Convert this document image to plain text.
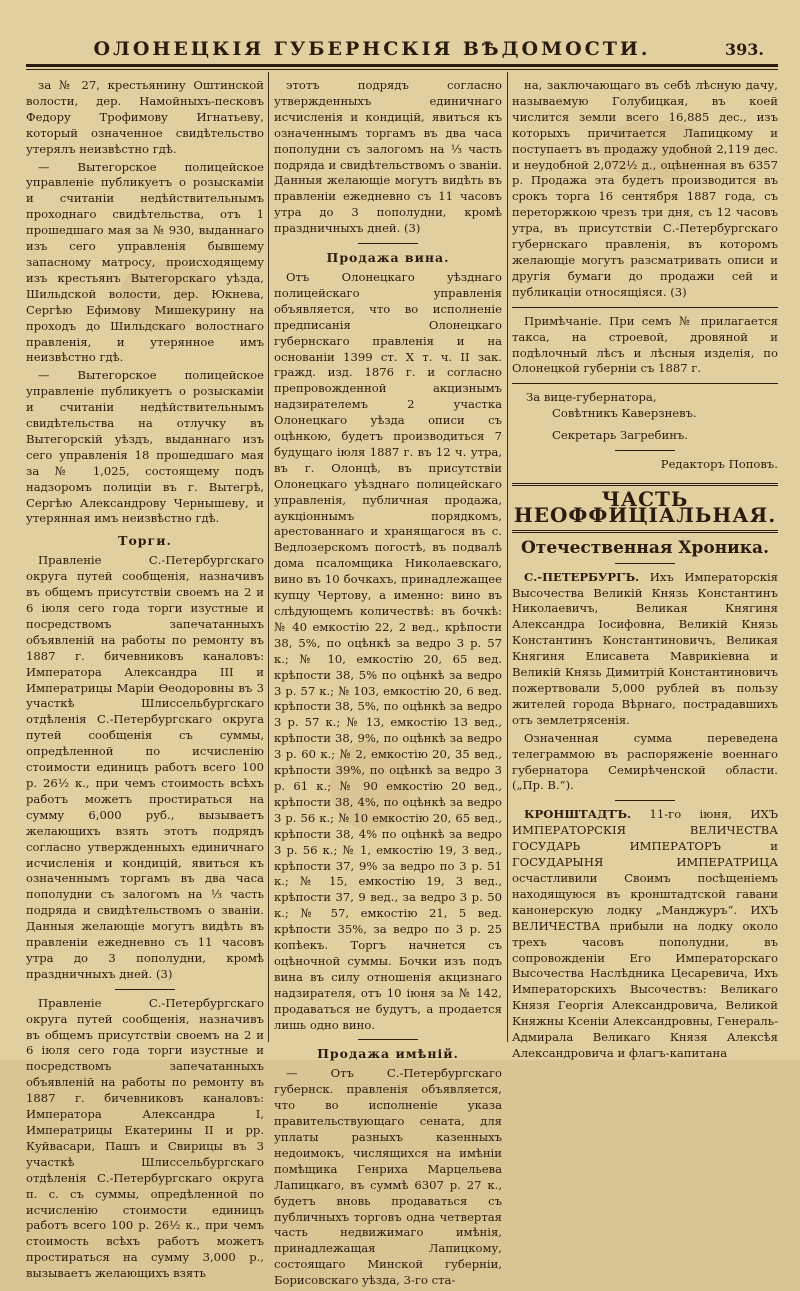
ОЛОНЕЦКІЯ ГУБЕРНСКІЯ ВѢДОМОСТИ.	393.

за № 27, крестьянину Оштинской волости, дер. Намойныхъ-песковъ Федору Трофимову Игнатьеву, который означенное свидѣтельство утерялъ неизвѣстно гдѣ.

— Вытегорское полицейское управленіе публикуетъ о розыскаміи и считаніи недѣйствительнымъ проходнаго свидѣтельства, отъ 1 прошедшаго мая за № 930, выданнаго изъ сего управленія бывшему запасному матросу, происходящему изъ крестьянъ Вытегорскаго уѣзда, Шильдской волости, дер. Юкнева, Сергѣю Ефимову Мишекурину на проходъ до Шильдскаго волостнаго правленія, и утерянное имъ неизвѣстно гдѣ.

— Вытегорское полицейское управленіе публикуетъ о розыскаміи и считаніи недѣйствительнымъ свидѣтельства на отлучку въ Вытегорскій уѣздъ, выданнаго изъ сего управленія 18 прошедшаго мая за № 1,025, состоящему подъ надзоромъ полиціи въ г. Вытегрѣ, Сергѣю Александрову Чернышеву, и утерянная имъ неизвѣстно гдѣ.

Торги.

Правленіе С.-Петербургскаго округа путей сообщенія, назначивъ въ общемъ присутствіи своемъ на 2 и 6 іюля сего года торги изустные и посредствомъ запечатанныхъ объявленій на работы по ремонту въ 1887 г. бичевниковъ каналовъ: Императора Александра III и Императрицы Маріи Ѳеодоровны въ 3 участкѣ Шлиссельбургскаго отдѣленія С.-Петербургскаго округа путей сообщенія съ суммы, опредѣленной по исчисленію стоимости единицъ работъ всего 100 р. 26½ к., при чемъ стоимость всѣхъ работъ можетъ простираться на сумму 6,000 руб., вызываетъ желающихъ взять этотъ подрядъ согласно утвержденныхъ единичнаго исчисленія и кондицій, явиться къ означеннымъ торгамъ въ два часа пополудни съ залогомъ на ⅓ часть подряда и свидѣтельствомъ о званіи. Данныя желающіе могутъ видѣть въ правленіи ежедневно съ 11 часовъ утра до 3 пополудни, кромѣ праздничныхъ дней. (3)

Правленіе С.-Петербургскаго округа путей сообщенія, назначивъ въ общемъ присутствіи своемъ на 2 и 6 іюля сего года торги изустные и посредствомъ запечатанныхъ объявленій на работы по ремонту въ 1887 г. бичевниковъ каналовъ: Императора Александра I, Императрицы Екатерины II и рр. Куйвасари, Пашъ и Свирицы въ 3 участкѣ Шлиссельбургскаго отдѣленія С.-Петербургскаго округа п. с. съ суммы, опредѣленной по исчисленію стоимости единицъ работъ всего 100 р. 26½ к., при чемъ стоимость всѣхъ работъ можетъ простираться на сумму 3,000 р., вызываетъ желающихъ взять

этотъ подрядъ согласно утвержденныхъ единичнаго исчисленія и кондицій, явиться къ означеннымъ торгамъ въ два часа пополудни съ залогомъ на ⅓ часть подряда и свидѣтельствомъ о званіи. Данныя желающіе могутъ видѣть въ правленіи ежедневно съ 11 часовъ утра до 3 пополудни, кромѣ праздничныхъ дней. (3)

Продажа вина.

Отъ Олонецкаго уѣзднаго полицейскаго управленія объявляется, что во исполненіе предписанія Олонецкаго губернскаго правленія и на основаніи 1399 ст. X т. ч. II зак. гражд. изд. 1876 г. и согласно препровожденной акцизнымъ надзирателемъ 2 участка Олонецкаго уѣзда описи съ оцѣнкою, будетъ производиться 7 будущаго іюля 1887 г. въ 12 ч. утра, въ г. Олонцѣ, въ присутствіи Олонецкаго уѣзднаго полицейскаго управленія, публичная продажа, аукціоннымъ порядкомъ, арестованнаго и хранящагося въ с. Ведлозерскомъ погостѣ, въ подвалѣ дома псаломщика Николаевскаго, вино въ 10 бочкахъ, принадлежащее купцу Чертову, а именно: вино въ слѣдующемъ количествѣ: въ бочкѣ: № 40 емкостію 22, 2 вед., крѣпости 38, 5%, по оцѣнкѣ за ведро 3 р. 57 к.; № 10, емкостію 20, 65 вед. крѣпости 38, 5% по оцѣнкѣ за ведро 3 р. 57 к.; № 103, емкостію 20, 6 вед. крѣпости 38, 5%, по оцѣнкѣ за ведро 3 р. 57 к.; № 13, емкостію 13 вед., крѣпости 38, 9%, по оцѣнкѣ за ведро 3 р. 60 к.; № 2, емкостію 20, 35 вед., крѣпости 39%, по оцѣнкѣ за ведро 3 р. 61 к.; № 90 емкостію 20 вед., крѣпости 38, 4%, по оцѣнкѣ за ведро 3 р. 56 к.; № 10 емкостію 20, 65 вед., крѣпости 38, 4% по оцѣнкѣ за ведро 3 р. 56 к.; № 1, емкостію 19, 3 вед., крѣпости 37, 9% за ведро по 3 р. 51 к.; № 15, емкостію 19, 3 вед., крѣпости 37, 9 вед., за ведро 3 р. 50 к.; № 57, емкостію 21, 5 вед. крѣпости 35%, за ведро по 3 р. 25 копѣекъ. Торгъ начнется съ оцѣночной суммы. Бочки изъ подъ вина въ силу отношенія акцизнаго надзирателя, отъ 10 іюня за № 142, продаваться не будутъ, а продается лишь одно вино.

Продажа имѣній.

— Отъ С.-Петербургскаго губернск. правленія объявляется, что во исполненіе указа правительствующаго сената, для уплаты разныхъ казенныхъ недоимокъ, числящихся на имѣніи помѣщика Генриха Марцельева Лапицкаго, въ суммѣ 6307 р. 27 к., будетъ вновь продаваться съ публичныхъ торговъ одна четвертая часть недвижимаго имѣнія, принадлежащая Лапицкому, состоящаго Минской губерніи, Борисовскаго уѣзда, 3-го ста-

на, заключающаго въ себѣ лѣсную дачу, называемую Голубицкая, въ коей числится земли всего 16,885 дес., изъ которыхъ причитается Лапицкому и поступаетъ въ продажу удобной 2,119 дес. и неудобной 2,072½ д., оцѣненная въ 6357 р. Продажа эта будетъ производится въ срокъ торга 16 сентября 1887 года, съ переторжкою чрезъ три дня, съ 12 часовъ утра, въ присутствіи С.-Петербургскаго губернскаго правленія, въ которомъ желающіе могутъ разсматривать описи и другія бумаги до продажи сей и публикаціи относящіяся. (3)

Примѣчаніе. При семъ № прилагается такса, на строевой, дровяной и подѣлочный лѣсъ и лѣсныя изделія, по Олонецкой губерніи съ 1887 г.

За вице-губернатора,
Совѣтникъ Каверзневъ.
Секретарь Загребинъ.
Редакторъ Поповъ.
ЧАСТЬ НЕОФФИЦІАЛЬНАЯ.
Отечественная Хроника.

С.-ПЕТЕРБУРГЪ. Ихъ Императорскія Высочества Великій Князь Константинъ Николаевичъ, Великая Княгиня Александра Іосифовна, Великій Князь Константинъ Константиновичъ, Великая Княгиня Елисавета Маврикіевна и Великій Князь Димитрій Константиновичъ пожертвовали 5,000 рублей въ пользу жителей города Вѣрнаго, пострадавшихъ отъ землетрясенія.

Означенная сумма переведена телеграммою въ распоряженіе военнаго губернатора Семирѣченской области. („Пр. В.“).

КРОНШТАДТЪ. 11-го іюня, ИХЪ ИМПЕРАТОРСКІЯ ВЕЛИЧЕСТВА ГОСУДАРЬ ИМПЕРАТОРЪ и ГОСУДАРЫНЯ ИМПЕРАТРИЦА осчастливили Своимъ посѣщеніемъ находящуюся въ кронштадтской гавани канонерскую лодку „Манджуръ“. ИХЪ ВЕЛИЧЕСТВА прибыли на лодку около трехъ часовъ пополудни, въ сопровожденіи Его Императорскаго Высочества Наслѣдника Цесаревича, Ихъ Императорскихъ Высочествъ: Великаго Князя Георгія Александровича, Великой Княжны Ксеніи Александровны, Генераль-Адмирала Великаго Князя Алексѣя Александровича и флагъ-капитана
